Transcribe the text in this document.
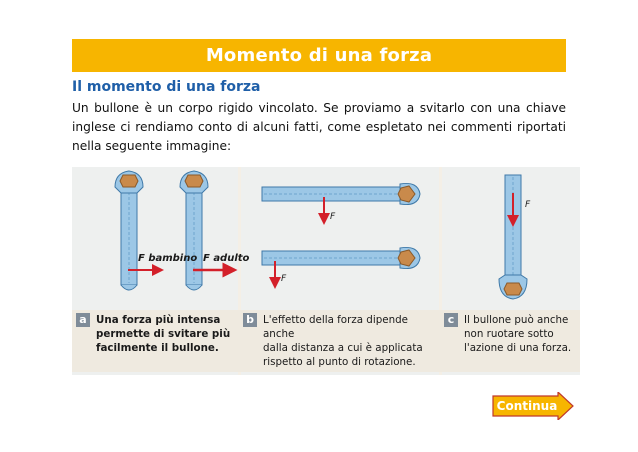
Momento di una forza
Il momento di una forza
Un bullone è un corpo rigido vincolato. Se proviamo a svitarlo con una chiave inglese ci rendiamo conto di alcuni fatti, come espletato nei commenti riportati nella seguente immagine:
F bambino F adulto
F
F
F
a Una forza più intensa
permette di svitare più
facilmente il bullone.
b L'effetto della forza dipende anche
dalla distanza a cui è applicata
rispetto al punto di rotazione.
c Il bullone può anche
non ruotare sotto
l'azione di una forza.
Continua
